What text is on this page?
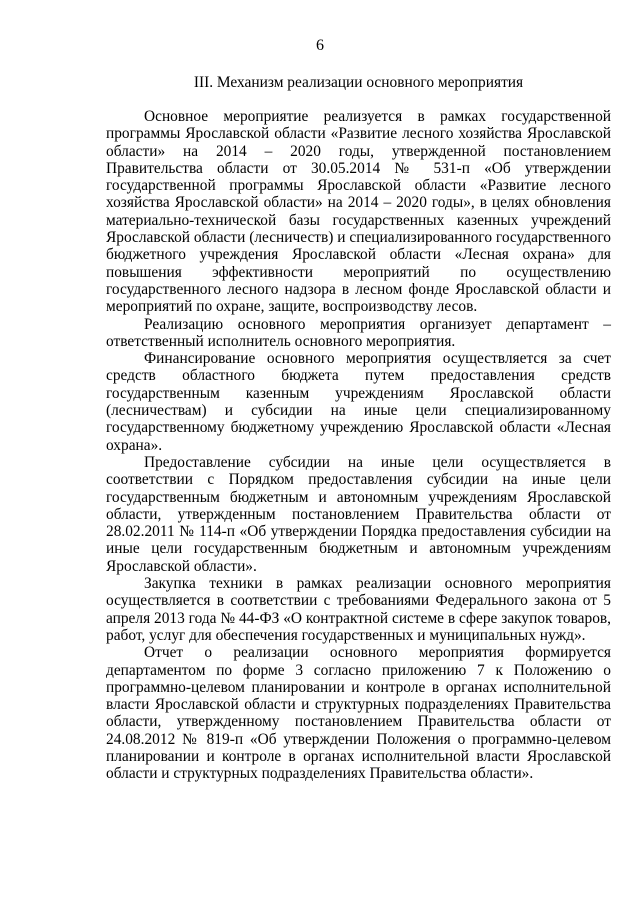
6
III. Механизм реализации основного мероприятия

Основное мероприятие реализуется в рамках государственной программы Ярославской области «Развитие лесного хозяйства Ярославской области» на 2014 – 2020 годы, утвержденной постановлением Правительства области от 30.05.2014 № 531-п «Об утверждении государственной программы Ярославской области «Развитие лесного хозяйства Ярославской области» на 2014 – 2020 годы», в целях обновления материально-технической базы государственных казенных учреждений Ярославской области (лесничеств) и специализированного государственного бюджетного учреждения Ярославской области «Лесная охрана» для повышения эффективности мероприятий по осуществлению государственного лесного надзора в лесном фонде Ярославской области и мероприятий по охране, защите, воспроизводству лесов.

Реализацию основного мероприятия организует департамент – ответственный исполнитель основного мероприятия.

Финансирование основного мероприятия осуществляется за счет средств областного бюджета путем предоставления средств государственным казенным учреждениям Ярославской области (лесничествам) и субсидии на иные цели специализированному государственному бюджетному учреждению Ярославской области «Лесная охрана».

Предоставление субсидии на иные цели осуществляется в соответствии с Порядком предоставления субсидии на иные цели государственным бюджетным и автономным учреждениям Ярославской области, утвержденным постановлением Правительства области от 28.02.2011 № 114-п «Об утверждении Порядка предоставления субсидии на иные цели государственным бюджетным и автономным учреждениям Ярославской области».

Закупка техники в рамках реализации основного мероприятия осуществляется в соответствии с требованиями Федерального закона от 5 апреля 2013 года № 44-ФЗ «О контрактной системе в сфере закупок товаров, работ, услуг для обеспечения государственных и муниципальных нужд».

Отчет о реализации основного мероприятия формируется департаментом по форме 3 согласно приложению 7 к Положению о программно-целевом планировании и контроле в органах исполнительной власти Ярославской области и структурных подразделениях Правительства области, утвержденному постановлением Правительства области от 24.08.2012 № 819-п «Об утверждении Положения о программно-целевом планировании и контроле в органах исполнительной власти Ярославской области и структурных подразделениях Правительства области».
